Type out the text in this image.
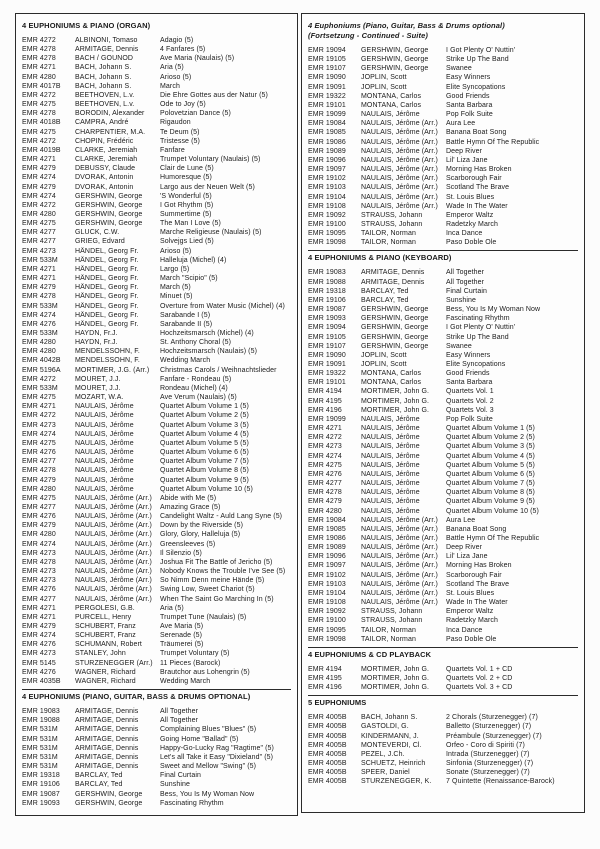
4 EUPHONIUMS & PIANO (ORGAN)
EMR 4272	ALBINONI, Tomaso	Adagio (5)
EMR 4278	ARMITAGE, Dennis	4 Fanfares (5)
EMR 4278	BACH / GOUNOD	Ave Maria (Naulais) (5)
EMR 4271	BACH, Johann S.	Aria (5)
EMR 4280	BACH, Johann S.	Arioso (5)
EMR 4017B	BACH, Johann S.	March
EMR 4272	BEETHOVEN, L.v.	Die Ehre Gottes aus der Natur (5)
EMR 4275	BEETHOVEN, L.v.	Ode to Joy (5)
EMR 4278	BORODIN, Alexander	Polovetzian Dance (5)
EMR 4018B	CAMPRA, André	Rigaudon
EMR 4275	CHARPENTIER, M.A.	Te Deum (5)
EMR 4272	CHOPIN, Frédéric	Tristesse (5)
EMR 4019B	CLARKE, Jeremiah	Fanfare
EMR 4271	CLARKE, Jeremiah	Trumpet Voluntary (Naulais) (5)
EMR 4279	DEBUSSY, Claude	Clair de Lune (5)
EMR 4274	DVORAK, Antonin	Humoresque (5)
EMR 4279	DVORAK, Antonin	Largo aus der Neuen Welt (5)
EMR 4274	GERSHWIN, George	'S Wonderful (5)
EMR 4272	GERSHWIN, George	I Got Rhythm (5)
EMR 4280	GERSHWIN, George	Summertime (5)
EMR 4275	GERSHWIN, George	The Man I Love (5)
EMR 4277	GLUCK, C.W.	Marche Religieuse (Naulais) (5)
EMR 4277	GRIEG, Edvard	Solvejgs Lied (5)
EMR 4273	HÄNDEL, Georg Fr.	Arioso (5)
EMR 533M	HÄNDEL, Georg Fr.	Halleluja (Michel) (4)
EMR 4271	HÄNDEL, Georg Fr.	Largo (5)
EMR 4271	HÄNDEL, Georg Fr.	March "Scipio" (5)
EMR 4279	HÄNDEL, Georg Fr.	March (5)
EMR 4278	HÄNDEL, Georg Fr.	Minuet (5)
EMR 533M	HÄNDEL, Georg Fr.	Overture from Water Music (Michel) (4)
EMR 4274	HÄNDEL, Georg Fr.	Sarabande I (5)
EMR 4276	HÄNDEL, Georg Fr.	Sarabande II (5)
EMR 533M	HAYDN, Fr.J.	Hochzeitsmarsch (Michel) (4)
EMR 4280	HAYDN, Fr.J.	St. Anthony Choral (5)
EMR 4280	MENDELSSOHN, F.	Hochzeitsmarsch (Naulais) (5)
EMR 4042B	MENDELSSOHN, F.	Wedding March
EMR 5196A	MORTIMER, J.G. (Arr.)	Christmas Carols / Weihnachtslieder
EMR 4272	MOURET, J.J.	Fanfare - Rondeau (5)
EMR 533M	MOURET, J.J.	Rondeau (Michel) (4)
EMR 4275	MOZART, W.A.	Ave Verum (Naulais) (5)
EMR 4271	NAULAIS, Jérôme	Quartet Album Volume 1 (5)
EMR 4272	NAULAIS, Jérôme	Quartet Album Volume 2 (5)
EMR 4273	NAULAIS, Jérôme	Quartet Album Volume 3 (5)
EMR 4274	NAULAIS, Jérôme	Quartet Album Volume 4 (5)
EMR 4275	NAULAIS, Jérôme	Quartet Album Volume 5 (5)
EMR 4276	NAULAIS, Jérôme	Quartet Album Volume 6 (5)
EMR 4277	NAULAIS, Jérôme	Quartet Album Volume 7 (5)
EMR 4278	NAULAIS, Jérôme	Quartet Album Volume 8 (5)
EMR 4279	NAULAIS, Jérôme	Quartet Album Volume 9 (5)
EMR 4280	NAULAIS, Jérôme	Quartet Album Volume 10 (5)
EMR 4275	NAULAIS, Jérôme (Arr.)	Abide with Me (5)
EMR 4277	NAULAIS, Jérôme (Arr.)	Amazing Grace (5)
EMR 4276	NAULAIS, Jérôme (Arr.)	Candelight Waltz - Auld Lang Syne (5)
EMR 4279	NAULAIS, Jérôme (Arr.)	Down by the Riverside (5)
EMR 4280	NAULAIS, Jérôme (Arr.)	Glory, Glory, Halleluja (5)
EMR 4274	NAULAIS, Jérôme (Arr.)	Greensleeves (5)
EMR 4273	NAULAIS, Jérôme (Arr.)	Il Silenzio (5)
EMR 4278	NAULAIS, Jérôme (Arr.)	Joshua Fit The Battle of Jericho (5)
EMR 4273	NAULAIS, Jérôme (Arr.)	Nobody Knows the Trouble I've See (5)
EMR 4273	NAULAIS, Jérôme (Arr.)	So Nimm Denn meine Hände (5)
EMR 4276	NAULAIS, Jérôme (Arr.)	Swing Low, Sweet Chariot (5)
EMR 4277	NAULAIS, Jérôme (Arr.)	When The Saint Go Marching In (5)
EMR 4271	PERGOLESI, G.B.	Aria (5)
EMR 4271	PURCELL, Henry	Trumpet Tune (Naulais) (5)
EMR 4279	SCHUBERT, Franz	Ave Maria (5)
EMR 4274	SCHUBERT, Franz	Serenade (5)
EMR 4276	SCHUMANN, Robert	Träumerei (5)
EMR 4273	STANLEY, John	Trumpet Voluntary (5)
EMR 5145	STURZENEGGER (Arr.)	11 Pieces (Barock)
EMR 4276	WAGNER, Richard	Brautchor aus Lohengrin (5)
EMR 4035B	WAGNER, Richard	Wedding March
4 EUPHONIUMS (PIANO, GUITAR, BASS & DRUMS OPTIONAL)
EMR 19083	ARMITAGE, Dennis	All Together
EMR 19088	ARMITAGE, Dennis	All Together
EMR 531M	ARMITAGE, Dennis	Complaining Blues "Blues" (5)
EMR 531M	ARMITAGE, Dennis	Going Home "Ballad" (5)
EMR 531M	ARMITAGE, Dennis	Happy-Go-Lucky Rag "Ragtime" (5)
EMR 531M	ARMITAGE, Dennis	Let's all Take it Easy "Dixieland" (5)
EMR 531M	ARMITAGE, Dennis	Sweet and Mellow "Swing" (5)
EMR 19318	BARCLAY, Ted	Final Curtain
EMR 19106	BARCLAY, Ted	Sunshine
EMR 19087	GERSHWIN, George	Bess, You Is My Woman Now
EMR 19093	GERSHWIN, George	Fascinating Rhythm
4 Euphoniums (Piano, Guitar, Bass & Drums optional)
(Fortsetzung - Continued - Suite)
EMR 19094	GERSHWIN, George	I Got Plenty O' Nuttin'
EMR 19105	GERSHWIN, George	Strike Up The Band
EMR 19107	GERSHWIN, George	Swanee
EMR 19090	JOPLIN, Scott	Easy Winners
EMR 19091	JOPLIN, Scott	Elite Syncopations
EMR 19322	MONTANA, Carlos	Good Friends
EMR 19101	MONTANA, Carlos	Santa Barbara
EMR 19099	NAULAIS, Jérôme	Pop Folk Suite
EMR 19084	NAULAIS, Jérôme (Arr.)	Aura Lee
EMR 19085	NAULAIS, Jérôme (Arr.)	Banana Boat Song
EMR 19086	NAULAIS, Jérôme (Arr.)	Battle Hymn Of The Republic
EMR 19089	NAULAIS, Jérôme (Arr.)	Deep River
EMR 19096	NAULAIS, Jérôme (Arr.)	Lil' Liza Jane
EMR 19097	NAULAIS, Jérôme (Arr.)	Morning Has Broken
EMR 19102	NAULAIS, Jérôme (Arr.)	Scarborough Fair
EMR 19103	NAULAIS, Jérôme (Arr.)	Scotland The Brave
EMR 19104	NAULAIS, Jérôme (Arr.)	St. Louis Blues
EMR 19108	NAULAIS, Jérôme (Arr.)	Wade In The Water
EMR 19092	STRAUSS, Johann	Emperor Waltz
EMR 19100	STRAUSS, Johann	Radetzky March
EMR 19095	TAILOR, Norman	Inca Dance
EMR 19098	TAILOR, Norman	Paso Doble Ole
4 EUPHONIUMS & PIANO (KEYBOARD)
EMR 19083	ARMITAGE, Dennis	All Together
EMR 19088	ARMITAGE, Dennis	All Together
EMR 19318	BARCLAY, Ted	Final Curtain
EMR 19106	BARCLAY, Ted	Sunshine
EMR 19087	GERSHWIN, George	Bess, You Is My Woman Now
EMR 19093	GERSHWIN, George	Fascinating Rhythm
EMR 19094	GERSHWIN, George	I Got Plenty O' Nuttin'
EMR 19105	GERSHWIN, George	Strike Up The Band
EMR 19107	GERSHWIN, George	Swanee
EMR 19090	JOPLIN, Scott	Easy Winners
EMR 19091	JOPLIN, Scott	Elite Syncopations
EMR 19322	MONTANA, Carlos	Good Friends
EMR 19101	MONTANA, Carlos	Santa Barbara
EMR 4194	MORTIMER, John G.	Quartets Vol. 1
EMR 4195	MORTIMER, John G.	Quartets Vol. 2
EMR 4196	MORTIMER, John G.	Quartets Vol. 3
EMR 19099	NAULAIS, Jérôme	Pop Folk Suite
EMR 4271	NAULAIS, Jérôme	Quartet Album Volume 1 (5)
EMR 4272	NAULAIS, Jérôme	Quartet Album Volume 2 (5)
EMR 4273	NAULAIS, Jérôme	Quartet Album Volume 3 (5)
EMR 4274	NAULAIS, Jérôme	Quartet Album Volume 4 (5)
EMR 4275	NAULAIS, Jérôme	Quartet Album Volume 5 (5)
EMR 4276	NAULAIS, Jérôme	Quartet Album Volume 6 (5)
EMR 4277	NAULAIS, Jérôme	Quartet Album Volume 7 (5)
EMR 4278	NAULAIS, Jérôme	Quartet Album Volume 8 (5)
EMR 4279	NAULAIS, Jérôme	Quartet Album Volume 9 (5)
EMR 4280	NAULAIS, Jérôme	Quartet Album Volume 10 (5)
EMR 19084	NAULAIS, Jérôme (Arr.)	Aura Lee
EMR 19085	NAULAIS, Jérôme (Arr.)	Banana Boat Song
EMR 19086	NAULAIS, Jérôme (Arr.)	Battle Hymn Of The Republic
EMR 19089	NAULAIS, Jérôme (Arr.)	Deep River
EMR 19096	NAULAIS, Jérôme (Arr.)	Lil' Liza Jane
EMR 19097	NAULAIS, Jérôme (Arr.)	Morning Has Broken
EMR 19102	NAULAIS, Jérôme (Arr.)	Scarborough Fair
EMR 19103	NAULAIS, Jérôme (Arr.)	Scotland The Brave
EMR 19104	NAULAIS, Jérôme (Arr.)	St. Louis Blues
EMR 19108	NAULAIS, Jérôme (Arr.)	Wade In The Water
EMR 19092	STRAUSS, Johann	Emperor Waltz
EMR 19100	STRAUSS, Johann	Radetzky March
EMR 19095	TAILOR, Norman	Inca Dance
EMR 19098	TAILOR, Norman	Paso Doble Ole
4 EUPHONIUMS & CD PLAYBACK
EMR 4194	MORTIMER, John G.	Quartets Vol. 1 + CD
EMR 4195	MORTIMER, John G.	Quartets Vol. 2 + CD
EMR 4196	MORTIMER, John G.	Quartets Vol. 3 + CD
5 EUPHONIUMS
EMR 4005B	BACH, Johann S.	2 Chorals (Sturzenegger) (7)
EMR 4005B	GASTOLDI, G.	Balletto (Sturzenegger) (7)
EMR 4005B	KINDERMANN, J.	Préambule (Sturzenegger) (7)
EMR 4005B	MONTEVERDI, Cl.	Orfeo - Coro di Spiriti (7)
EMR 4005B	PEZEL, J.Ch.	Intrada (Sturzenegger) (7)
EMR 4005B	SCHUETZ, Heinrich	Sinfonia (Sturzenegger) (7)
EMR 4005B	SPEER, Daniel	Sonate (Sturzenegger) (7)
EMR 4005B	STURZENEGGER, K.	7 Quintette (Renaissance-Barock)
